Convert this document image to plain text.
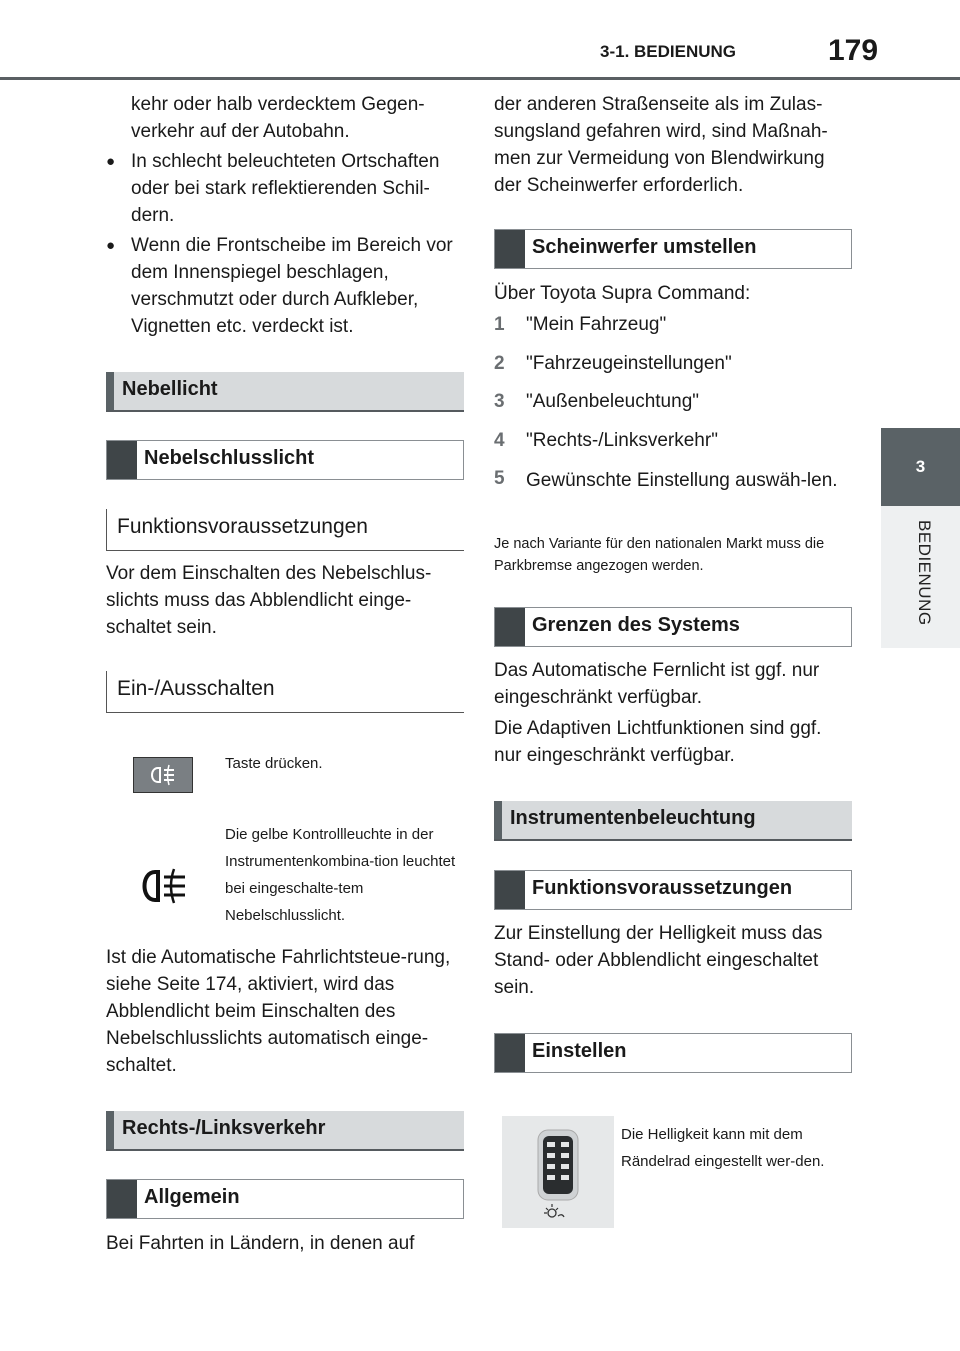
3-1. BEDIENUNG	179
3
BEDIENUNG

kehr oder halb verdecktem Gegen-verkehr auf der Autobahn.

● In schlecht beleuchteten Ortschaften oder bei stark reflektierenden Schil-dern.

● Wenn die Frontscheibe im Bereich vor dem Innenspiegel beschlagen, verschmutzt oder durch Aufkleber, Vignetten etc. verdeckt ist.

Nebellicht
Nebelschlusslicht
Funktionsvoraussetzungen

Vor dem Einschalten des Nebelschlus-slichts muss das Abblendlicht einge-schaltet sein.

Ein-/Ausschalten

Taste drücken.

Die gelbe Kontrollleuchte in der Instrumentenkombina-tion leuchtet bei eingeschalte-tem Nebelschlusslicht.

Ist die Automatische Fahrlichtsteue-rung, siehe Seite 174, aktiviert, wird das Abblendlicht beim Einschalten des Nebelschlusslichts automatisch einge-schaltet.

Rechts-/Linksverkehr
Allgemein

Bei Fahrten in Ländern, in denen auf

der anderen Straßenseite als im Zulas-sungsland gefahren wird, sind Maßnah-men zur Vermeidung von Blendwirkung der Scheinwerfer erforderlich.

Scheinwerfer umstellen

Über Toyota Supra Command:

1 "Mein Fahrzeug"
2 "Fahrzeugeinstellungen"
3 "Außenbeleuchtung"
4 "Rechts-/Linksverkehr"
5 Gewünschte Einstellung auswäh-len.

Je nach Variante für den nationalen Markt muss die Parkbremse angezogen werden.

Grenzen des Systems

Das Automatische Fernlicht ist ggf. nur eingeschränkt verfügbar.

Die Adaptiven Lichtfunktionen sind ggf. nur eingeschränkt verfügbar.

Instrumentenbeleuchtung
Funktionsvoraussetzungen

Zur Einstellung der Helligkeit muss das Stand- oder Abblendlicht eingeschaltet sein.

Einstellen

Die Helligkeit kann mit dem Rändelrad eingestellt wer-den.
